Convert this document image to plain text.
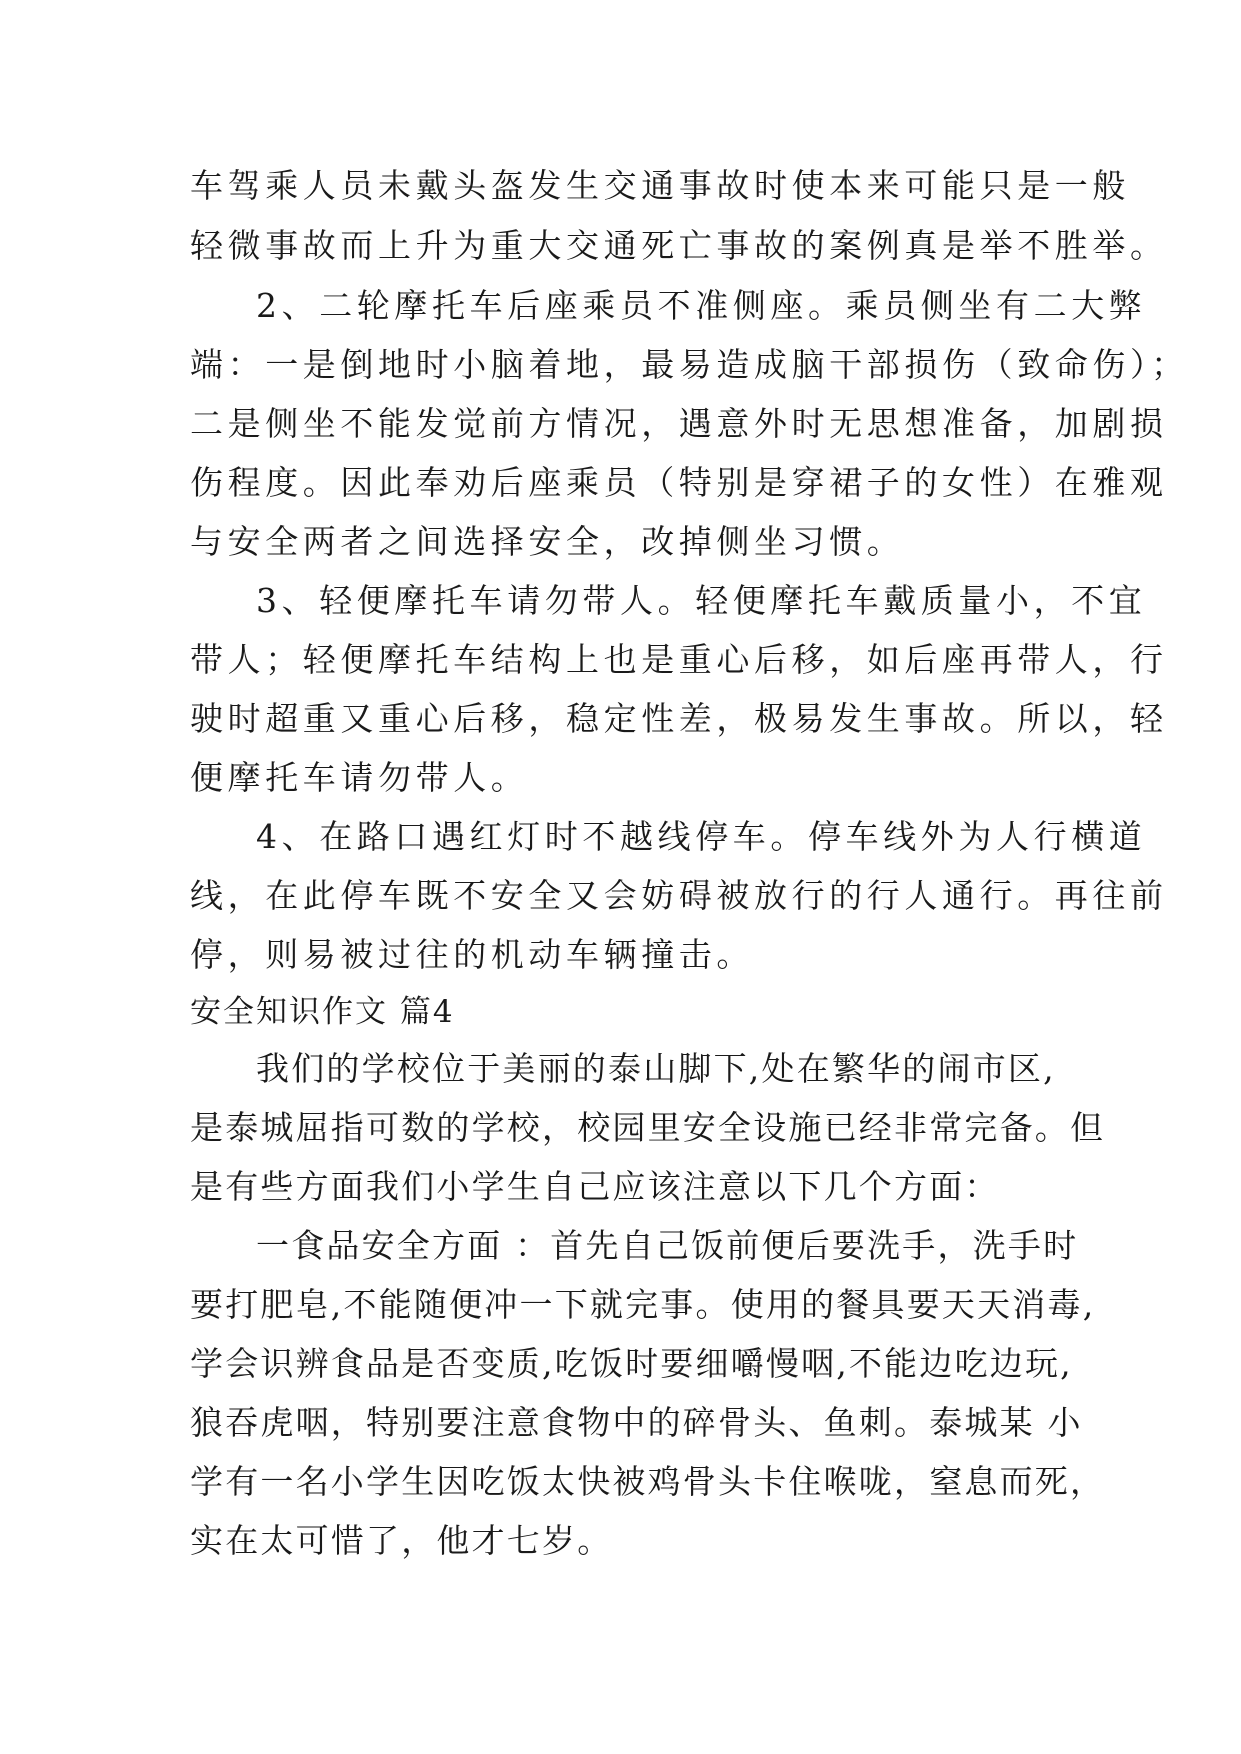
车驾乘人员未戴头盔发生交通事故时使本来可能只是一般
轻微事故而上升为重大交通死亡事故的案例真是举不胜举。
2、二轮摩托车后座乘员不准侧座。乘员侧坐有二大弊
端：一是倒地时小脑着地，最易造成脑干部损伤（致命伤）；
二是侧坐不能发觉前方情况，遇意外时无思想准备，加剧损
伤程度。因此奉劝后座乘员（特别是穿裙子的女性）在雅观
与安全两者之间选择安全，改掉侧坐习惯。
3、轻便摩托车请勿带人。轻便摩托车戴质量小，不宜
带人；轻便摩托车结构上也是重心后移，如后座再带人，行
驶时超重又重心后移，稳定性差，极易发生事故。所以，轻
便摩托车请勿带人。
4、在路口遇红灯时不越线停车。停车线外为人行横道
线，在此停车既不安全又会妨碍被放行的行人通行。再往前
停，则易被过往的机动车辆撞击。
安全知识作文 篇4
我们的学校位于美丽的泰山脚下,处在繁华的闹市区,
是泰城屈指可数的学校，校园里安全设施已经非常完备。但
是有些方面我们小学生自己应该注意以下几个方面：
一食品安全方面 ：首先自己饭前便后要洗手，洗手时
要打肥皂,不能随便冲一下就完事。使用的餐具要天天消毒,
学会识辨食品是否变质,吃饭时要细嚼慢咽,不能边吃边玩,
狼吞虎咽，特别要注意食物中的碎骨头、鱼刺。泰城某 小
学有一名小学生因吃饭太快被鸡骨头卡住喉咙，窒息而死，
实在太可惜了，他才七岁。
